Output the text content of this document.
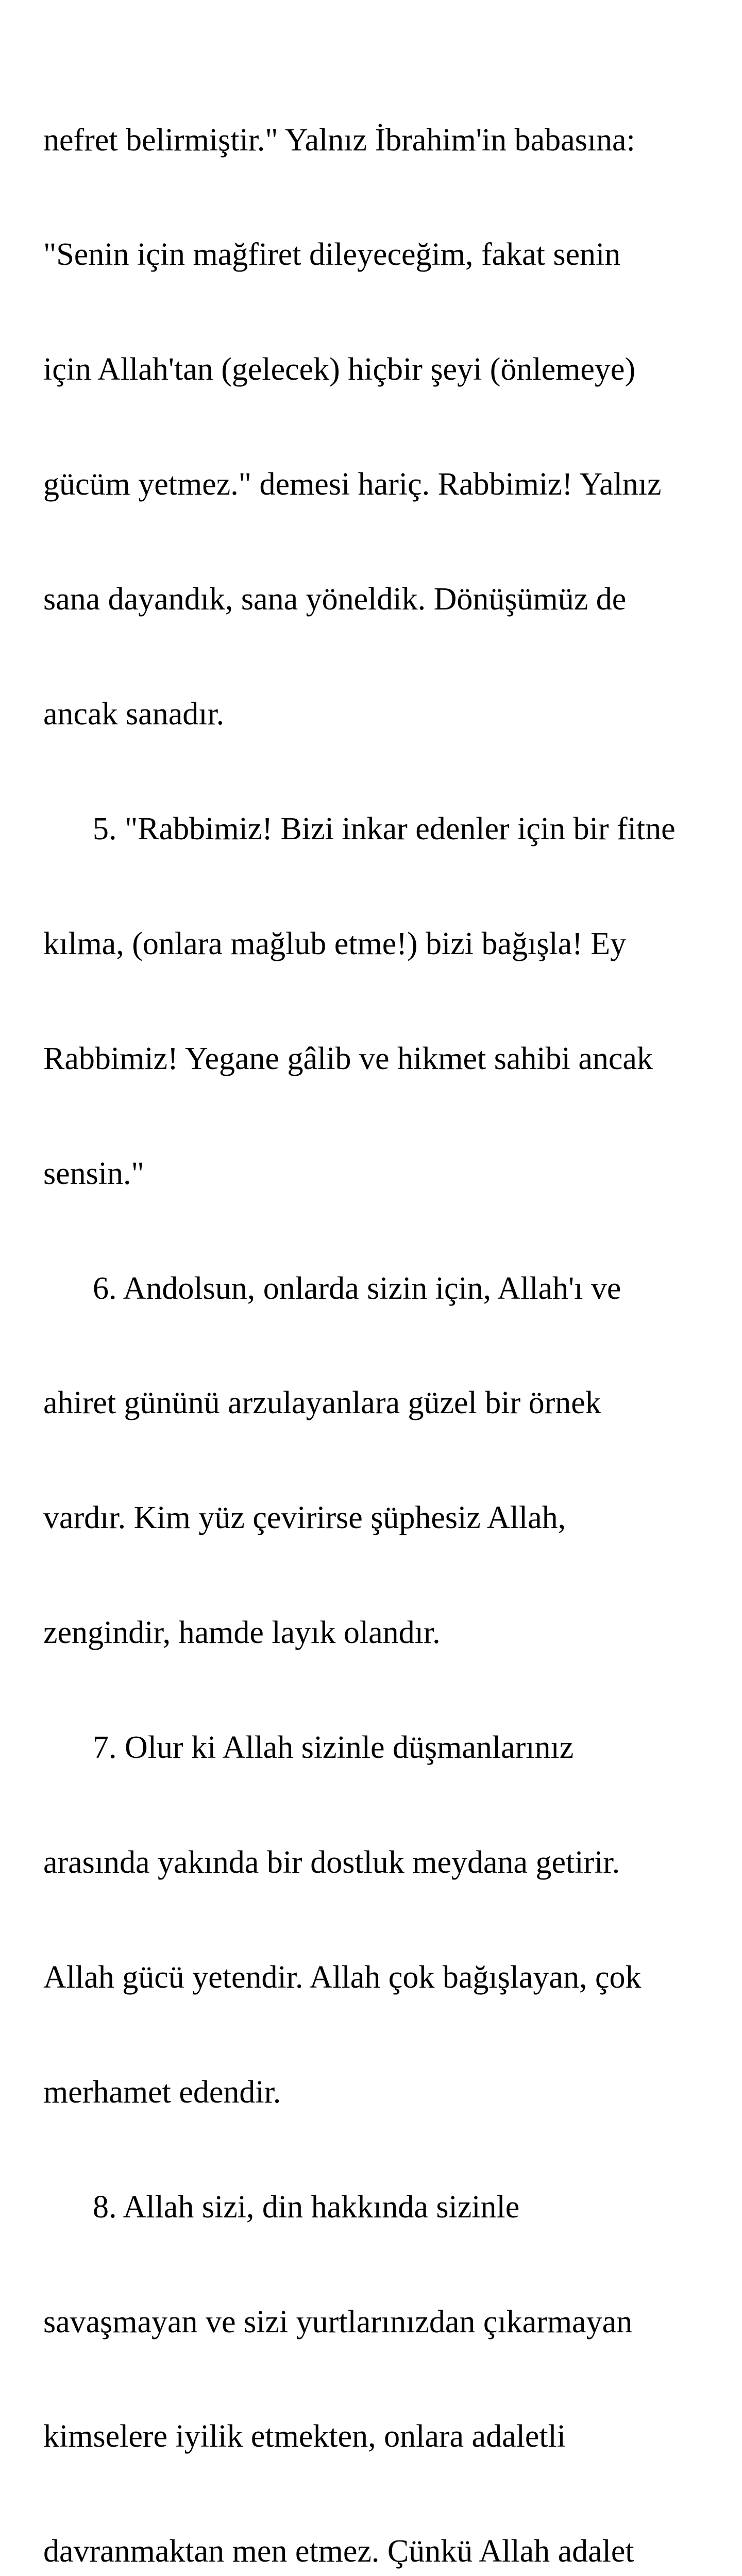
nefret belirmiştir." Yalnız İbrahim'in babasına:

"Senin için mağfiret dileyeceğim, fakat senin

için Allah'tan (gelecek) hiçbir şeyi (önlemeye)

gücüm yetmez." demesi hariç. Rabbimiz! Yalnız

sana dayandık, sana yöneldik. Dönüşümüz de

ancak sanadır.

5. "Rabbimiz! Bizi inkar edenler için bir fitne

kılma, (onlara mağlub etme!) bizi bağışla! Ey

Rabbimiz! Yegane gâlib ve hikmet sahibi ancak

sensin."

6. Andolsun, onlarda sizin için, Allah'ı ve

ahiret gününü arzulayanlara güzel bir örnek

vardır. Kim yüz çevirirse şüphesiz Allah,

zengindir, hamde layık olandır.

7. Olur ki Allah sizinle düşmanlarınız

arasında yakında bir dostluk meydana getirir.

Allah gücü yetendir. Allah çok bağışlayan, çok

merhamet edendir.

8. Allah sizi, din hakkında sizinle

savaşmayan ve sizi yurtlarınızdan çıkarmayan

kimselere iyilik etmekten, onlara adaletli

davranmaktan men etmez. Çünkü Allah adalet
